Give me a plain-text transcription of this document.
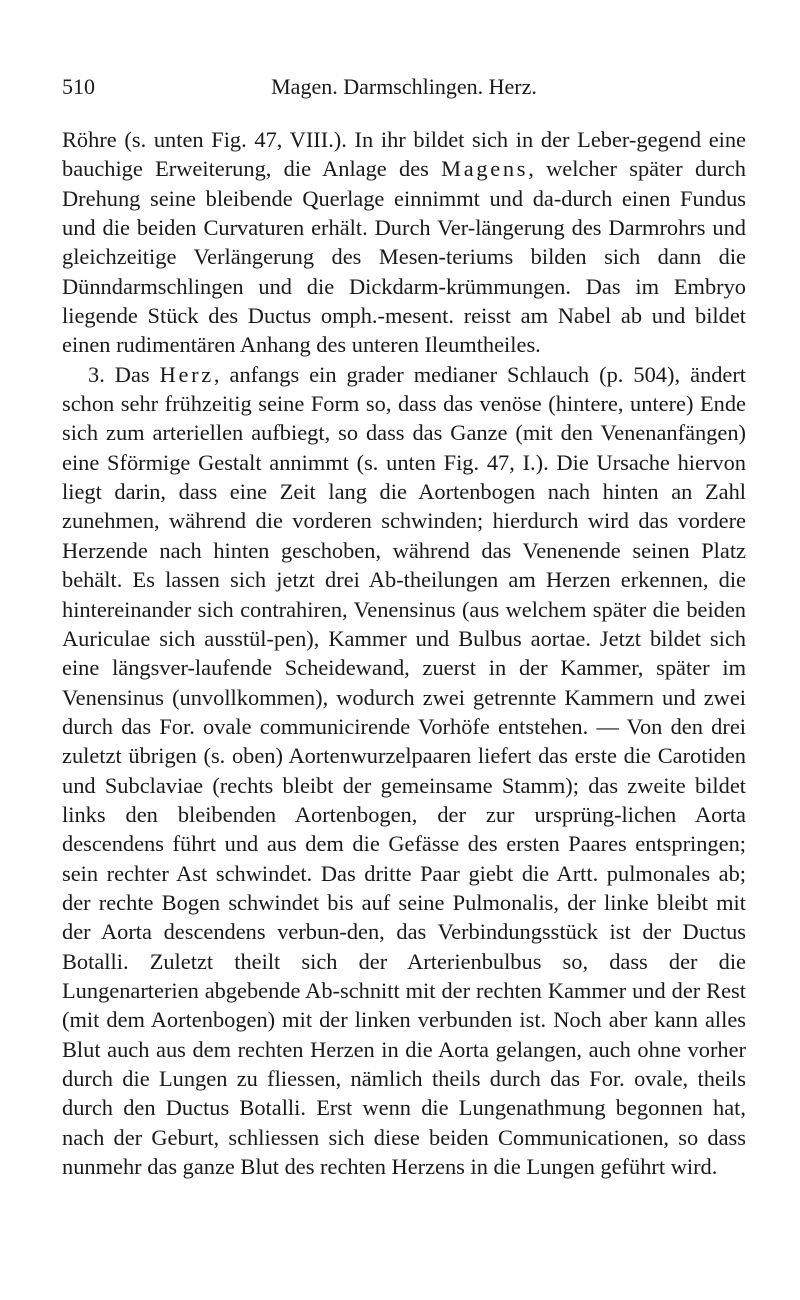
510	Magen. Darmschlingen. Herz.

Röhre (s. unten Fig. 47, VIII.). In ihr bildet sich in der Leber-gegend eine bauchige Erweiterung, die Anlage des Magens, welcher später durch Drehung seine bleibende Querlage einnimmt und da-durch einen Fundus und die beiden Curvaturen erhält. Durch Ver-längerung des Darmrohrs und gleichzeitige Verlängerung des Mesen-teriums bilden sich dann die Dünndarmschlingen und die Dickdarm-krümmungen. Das im Embryo liegende Stück des Ductus omph.-mesent. reisst am Nabel ab und bildet einen rudimentären Anhang des unteren Ileumtheiles.

3. Das Herz, anfangs ein grader medianer Schlauch (p. 504), ändert schon sehr frühzeitig seine Form so, dass das venöse (hintere, untere) Ende sich zum arteriellen aufbiegt, so dass das Ganze (mit den Venenanfängen) eine Sförmige Gestalt annimmt (s. unten Fig. 47, I.). Die Ursache hiervon liegt darin, dass eine Zeit lang die Aortenbogen nach hinten an Zahl zunehmen, während die vorderen schwinden; hierdurch wird das vordere Herzende nach hinten geschoben, während das Venenende seinen Platz behält. Es lassen sich jetzt drei Ab-theilungen am Herzen erkennen, die hintereinander sich contrahiren, Venensinus (aus welchem später die beiden Auriculae sich ausstül-pen), Kammer und Bulbus aortae. Jetzt bildet sich eine längsver-laufende Scheidewand, zuerst in der Kammer, später im Venensinus (unvollkommen), wodurch zwei getrennte Kammern und zwei durch das For. ovale communicirende Vorhöfe entstehen. — Von den drei zuletzt übrigen (s. oben) Aortenwurzelpaaren liefert das erste die Carotiden und Subclaviae (rechts bleibt der gemeinsame Stamm); das zweite bildet links den bleibenden Aortenbogen, der zur ursprüng-lichen Aorta descendens führt und aus dem die Gefässe des ersten Paares entspringen; sein rechter Ast schwindet. Das dritte Paar giebt die Artt. pulmonales ab; der rechte Bogen schwindet bis auf seine Pulmonalis, der linke bleibt mit der Aorta descendens verbun-den, das Verbindungsstück ist der Ductus Botalli. Zuletzt theilt sich der Arterienbulbus so, dass der die Lungenarterien abgebende Ab-schnitt mit der rechten Kammer und der Rest (mit dem Aortenbogen) mit der linken verbunden ist. Noch aber kann alles Blut auch aus dem rechten Herzen in die Aorta gelangen, auch ohne vorher durch die Lungen zu fliessen, nämlich theils durch das For. ovale, theils durch den Ductus Botalli. Erst wenn die Lungenathmung begonnen hat, nach der Geburt, schliessen sich diese beiden Communicationen, so dass nunmehr das ganze Blut des rechten Herzens in die Lungen geführt wird.
